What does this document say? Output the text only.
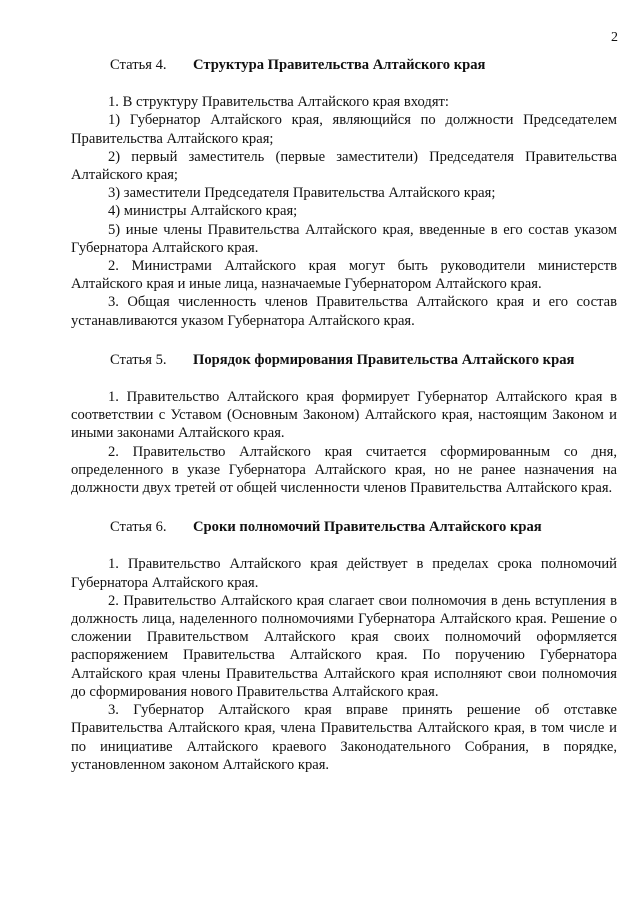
2
Статья 4.	Структура Правительства Алтайского края

1. В структуру Правительства Алтайского края входят:

1) Губернатор Алтайского края, являющийся по должности Председателем Правительства Алтайского края;

2) первый заместитель (первые заместители) Председателя Правительства Алтайского края;

3) заместители Председателя Правительства Алтайского края;

4) министры Алтайского края;

5) иные члены Правительства Алтайского края, введенные в его состав указом Губернатора Алтайского края.

2. Министрами Алтайского края могут быть руководители министерств Алтайского края и иные лица, назначаемые Губернатором Алтайского края.

3. Общая численность членов Правительства Алтайского края и его состав устанавливаются указом Губернатора Алтайского края.

Статья 5.	Порядок формирования Правительства Алтайского края

1. Правительство Алтайского края формирует Губернатор Алтайского края в соответствии с Уставом (Основным Законом) Алтайского края, настоящим Законом и иными законами Алтайского края.

2. Правительство Алтайского края считается сформированным со дня, определенного в указе Губернатора Алтайского края, но не ранее назначения на должности двух третей от общей численности членов Правительства Алтайского края.

Статья 6.	Сроки полномочий Правительства Алтайского края

1. Правительство Алтайского края действует в пределах срока полномочий Губернатора Алтайского края.

2. Правительство Алтайского края слагает свои полномочия в день вступления в должность лица, наделенного полномочиями Губернатора Алтайского края. Решение о сложении Правительством Алтайского края своих полномочий оформляется распоряжением Правительства Алтайского края. По поручению Губернатора Алтайского края члены Правительства Алтайского края исполняют свои полномочия до сформирования нового Правительства Алтайского края.

3. Губернатор Алтайского края вправе принять решение об отставке Правительства Алтайского края, члена Правительства Алтайского края, в том числе и по инициативе Алтайского краевого Законодательного Собрания, в порядке, установленном законом Алтайского края.
